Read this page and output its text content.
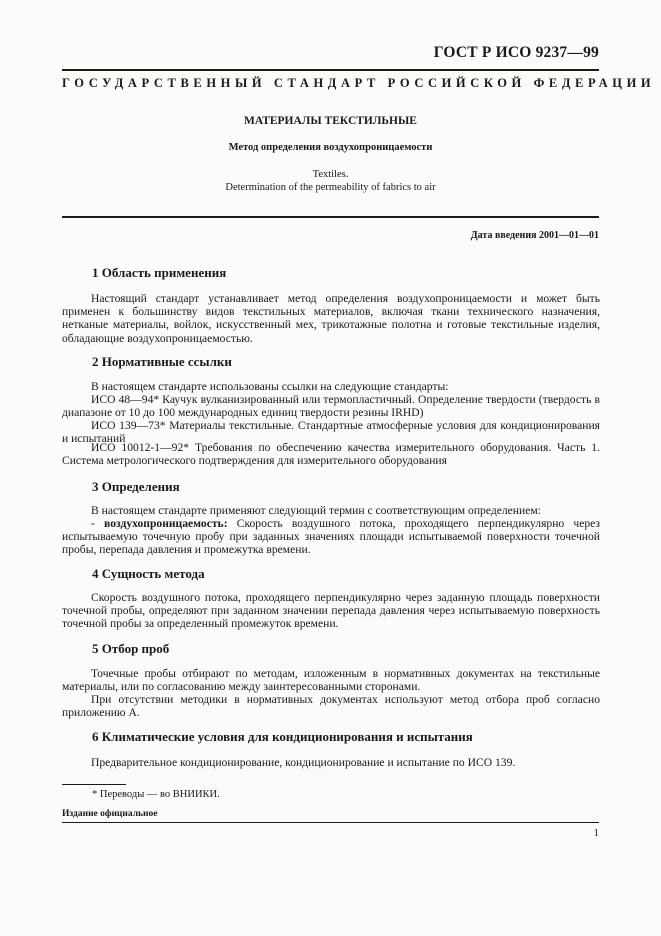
ГОСТ Р ИСО 9237—99
ГОСУДАРСТВЕННЫЙ СТАНДАРТ РОССИЙСКОЙ ФЕДЕРАЦИИ
МАТЕРИАЛЫ ТЕКСТИЛЬНЫЕ
Метод определения воздухопроницаемости
Textiles.
Determination of the permeability of fabrics to air
Дата введения 2001—01—01
1 Область применения
Настоящий стандарт устанавливает метод определения воздухопроницаемости и может быть применен к большинству видов текстильных материалов, включая ткани технического назначения, нетканые материалы, войлок, искусственный мех, трикотажные полотна и готовые текстильные изделия, обладающие воздухопроницаемостью.
2 Нормативные ссылки
В настоящем стандарте использованы ссылки на следующие стандарты:
ИСО 48—94* Каучук вулканизированный или термопластичный. Определение твердости (твердость в диапазоне от 10 до 100 международных единиц твердости резины IRHD)
ИСО 139—73* Материалы текстильные. Стандартные атмосферные условия для кондиционирования и испытаний
ИСО 10012-1—92* Требования по обеспечению качества измерительного оборудования. Часть 1. Система метрологического подтверждения для измерительного оборудования
3 Определения
В настоящем стандарте применяют следующий термин с соответствующим определением:
- воздухопроницаемость: Скорость воздушного потока, проходящего перпендикулярно через испытываемую точечную пробу при заданных значениях площади испытываемой поверхности точечной пробы, перепада давления и промежутка времени.
4 Сущность метода
Скорость воздушного потока, проходящего перпендикулярно через заданную площадь поверхности точечной пробы, определяют при заданном значении перепада давления через испытываемую поверхность точечной пробы за определенный промежуток времени.
5 Отбор проб
Точечные пробы отбирают по методам, изложенным в нормативных документах на текстильные материалы, или по согласованию между заинтересованными сторонами.
При отсутствии методики в нормативных документах используют метод отбора проб согласно приложению А.
6 Климатические условия для кондиционирования и испытания
Предварительное кондиционирование, кондиционирование и испытание по ИСО 139.
* Переводы — во ВНИИКИ.
Издание официальное
1
